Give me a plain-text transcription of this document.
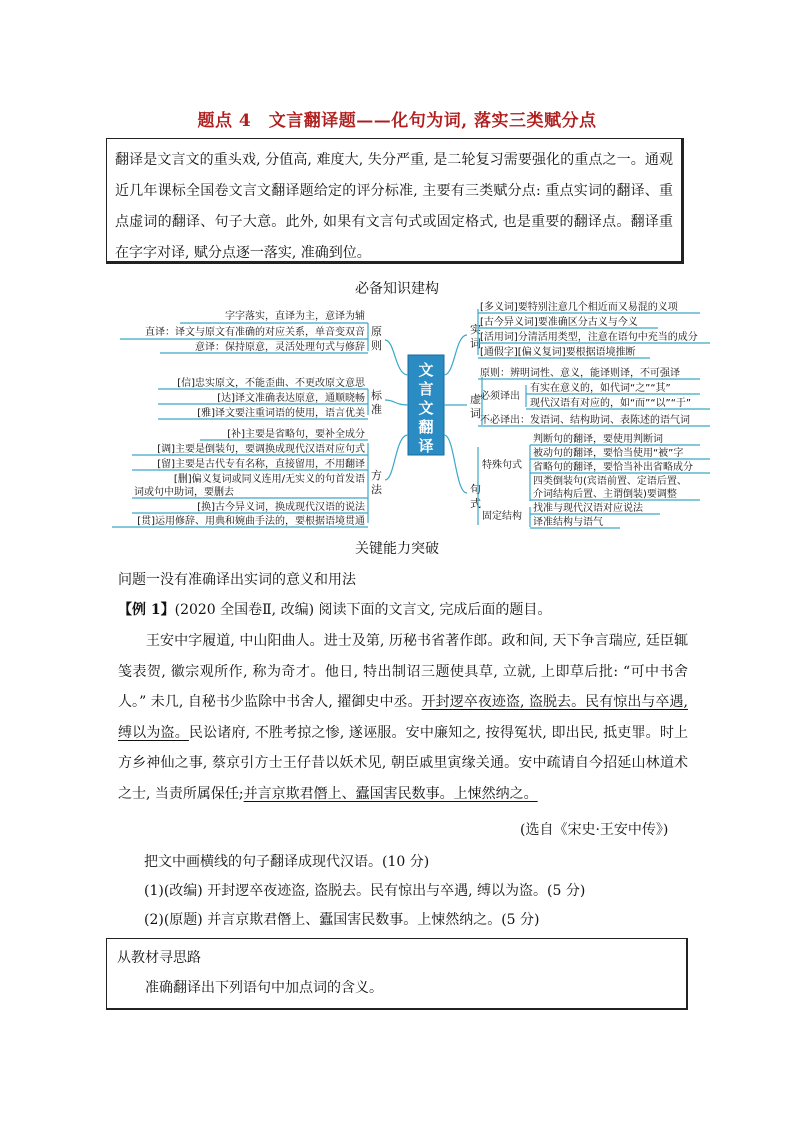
题点 4　文言翻译题——化句为词, 落实三类赋分点
翻译是文言文的重头戏, 分值高, 难度大, 失分严重, 是二轮复习需要强化的重点之一。通观近几年课标全国卷文言文翻译题给定的评分标准, 主要有三类赋分点: 重点实词的翻译、重点虚词的翻译、句子大意。此外, 如果有文言句式或固定格式, 也是重要的翻译点。翻译重在字字对译, 赋分点逐一落实, 准确到位。
必备知识建构
文
言
文
翻
译
原
则
标
准
方
法
字字落实，直译为主，意译为辅
直译：译文与原文有准确的对应关系，单音变双音
意译：保持原意，灵活处理句式与修辞
[信]忠实原文，不能歪曲、不更改原文意思
[达]译文准确表达原意，通顺晓畅
[雅]译文要注重词语的使用，语言优美
[补]主要是省略句，要补全成分
[调]主要是倒装句，要调换成现代汉语对应句式
[留]主要是古代专有名称，直接留用，不用翻译
[删]偏义复词或同义连用/无实义的句首发语
词或句中助词，要删去
[换]古今异义词，换成现代汉语的说法
[贯]运用修辞、用典和婉曲手法的，要根据语境贯通
实
词
虚
词
句
式
[多义词]要特别注意几个相近而又易混的义项
[古今异义词]要准确区分古义与今义
[活用词]分清活用类型，注意在语句中充当的成分
[通假字][偏义复词]要根据语境推断
原则：辨明词性、意义，能译则译，不可强译
必须译出
有实在意义的，如代词“之”“其”
现代汉语有对应的，如“而”“以”“于”
不必译出：发语词、结构助词、表陈述的语气词
特殊句式
判断句的翻译，要使用判断词
被动句的翻译，要恰当使用“被”字
省略句的翻译，要恰当补出省略成分
四类倒装句(宾语前置、定语后置、
介词结构后置、主谓倒装)要调整
固定结构
找准与现代汉语对应说法
译准结构与语气
关键能力突破
问题一没有准确译出实词的意义和用法
【例 1】(2020 全国卷Ⅱ, 改编) 阅读下面的文言文, 完成后面的题目。
王安中字履道, 中山阳曲人。进士及第, 历秘书省著作郎。政和间, 天下争言瑞应, 廷臣辄笺表贺, 徽宗观所作, 称为奇才。他日, 特出制诏三题使具草, 立就, 上即草后批: “可中书舍人。” 未几, 自秘书少监除中书舍人, 擢御史中丞。开封逻卒夜迹盗, 盗脱去。民有惊出与卒遇, 缚以为盗。民讼诸府, 不胜考掠之惨, 遂诬服。安中廉知之, 按得冤状, 即出民, 抵吏罪。时上方乡神仙之事, 蔡京引方士王仔昔以妖术见, 朝臣戚里寅缘关通。安中疏请自今招延山林道术之士, 当责所属保任;并言京欺君僭上、蠹国害民数事。上悚然纳之。
(选自《宋史·王安中传》)
把文中画横线的句子翻译成现代汉语。(10 分)
(1)(改编) 开封逻卒夜迹盗, 盗脱去。民有惊出与卒遇, 缚以为盗。(5 分)
(2)(原题) 并言京欺君僭上、蠹国害民数事。上悚然纳之。(5 分)
从教材寻思路
准确翻译出下列语句中加点词的含义。
